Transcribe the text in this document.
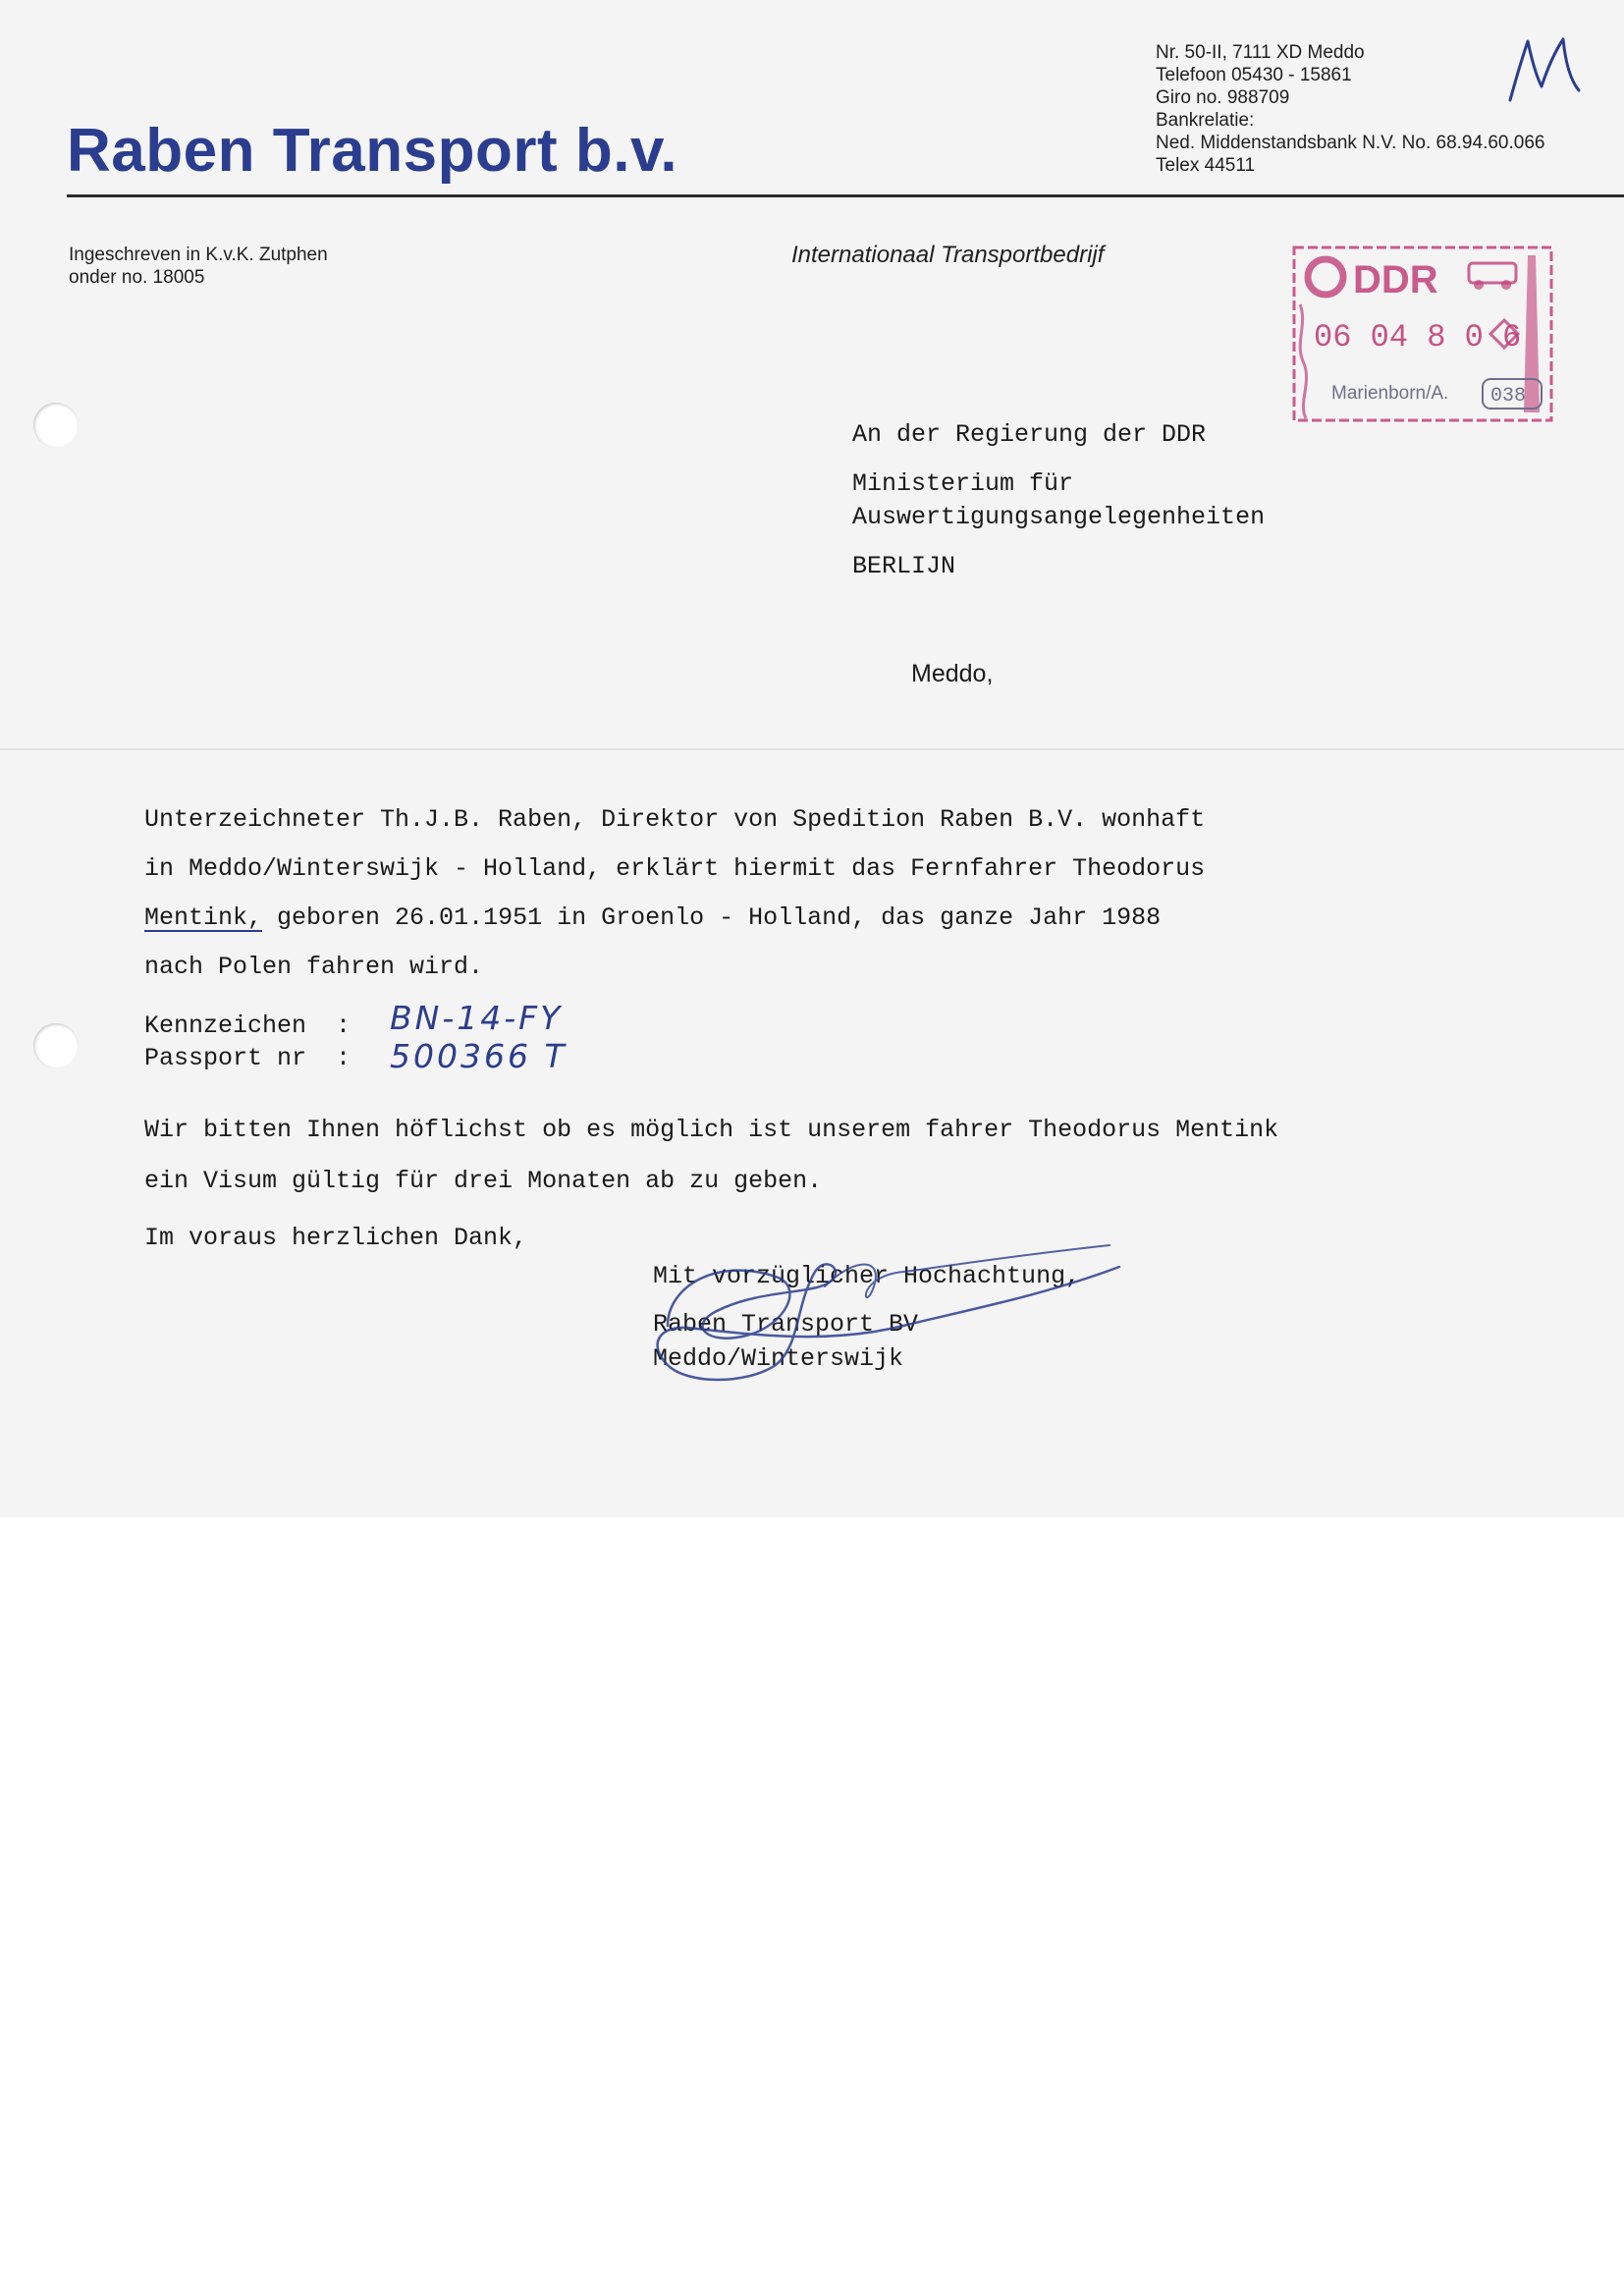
M
Nr. 50-II, 7111 XD Meddo
Telefoon 05430 - 15861
Giro no. 988709
Bankrelatie:
Ned. Middenstandsbank N.V. No. 68.94.60.066
Telex 44511
Raben Transport b.v.
Ingeschreven in K.v.K. Zutphen
onder no. 18005
Internationaal Transportbedrijf
DDR
06 04 8 0 6
Marienborn/A. 038
An der Regierung der DDR
Ministerium für
Auswertigungsangelegenheiten
BERLIJN
Meddo,
Unterzeichneter Th.J.B. Raben, Direktor von Spedition Raben B.V. wonhaft
in Meddo/Winterswijk - Holland, erklärt hiermit das Fernfahrer Theodorus
Mentink, geboren 26.01.1951 in Groenlo - Holland, das ganze Jahr 1988
nach Polen fahren wird.
Kennzeichen : BN-14-FY
Passport nr : 500366 T
Wir bitten Ihnen höflichst ob es möglich ist unserem fahrer Theodorus Mentink
ein Visum gültig für drei Monaten ab zu geben.
Im voraus herzlichen Dank,
Mit vorzüglicher Hochachtung,
Raben Transport BV
Meddo/Winterswijk
